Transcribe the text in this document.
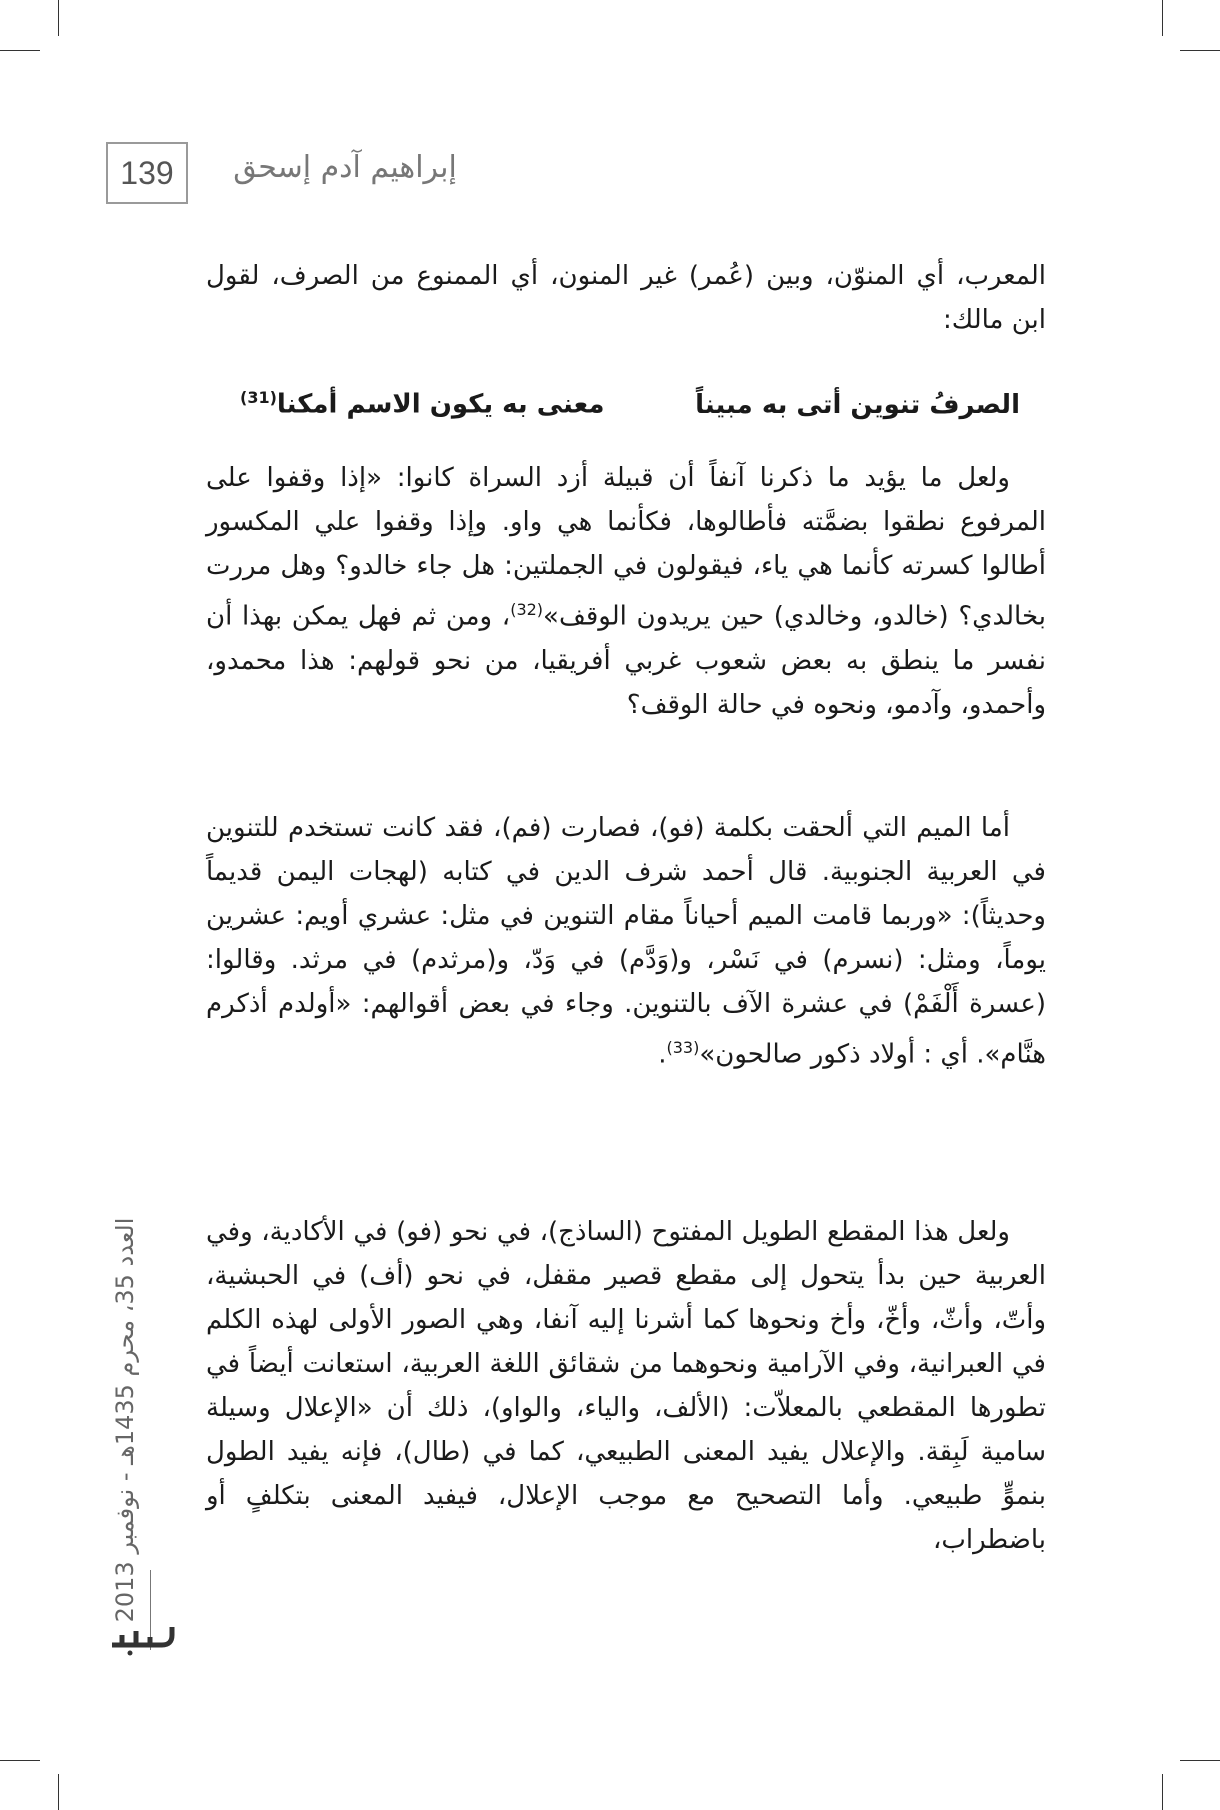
139	إبراهيم آدم إسحق

المعرب، أي المنوّن، وبين (عُمر) غير المنون، أي الممنوع من الصرف، لقول ابن مالك:

الصرفُ تنوين أتى به مبيناً
معنى به يكون الاسم أمكنا$^{(31)}$

ولعل ما يؤيد ما ذكرنا آنفاً أن قبيلة أزد السراة كانوا: «إذا وقفوا على المرفوع نطقوا بضمَّته فأطالوها، فكأنما هي واو. وإذا وقفوا علي المكسور أطالوا كسرته كأنما هي ياء، فيقولون في الجملتين: هل جاء خالدو؟ وهل مررت بخالدي؟ (خالدو، وخالدي) حين يريدون الوقف»$^{(32)}$، ومن ثم فهل يمكن بهذا أن نفسر ما ينطق به بعض شعوب غربي أفريقيا، من نحو قولهم: هذا محمدو، وأحمدو، وآدمو، ونحوه في حالة الوقف؟

أما الميم التي ألحقت بكلمة (فو)، فصارت (فم)، فقد كانت تستخدم للتنوين في العربية الجنوبية. قال أحمد شرف الدين في كتابه (لهجات اليمن قديماً وحديثاً): «وربما قامت الميم أحياناً مقام التنوين في مثل: عشري أويم: عشرين يوماً، ومثل: (نسرم) في نَسْر، و(وَدَّم) في وَدّ، و(مرثدم) في مرثد. وقالوا: (عسرة أَلْفَمْ) في عشرة الآف بالتنوين. وجاء في بعض أقوالهم: «أولدم أذكرم هنَّام». أي : أولاد ذكور صالحون»$^{(33)}$.

ولعل هذا المقطع الطويل المفتوح (الساذج)، في نحو (فو) في الأكادية، وفي العربية حين بدأ يتحول إلى مقطع قصير مقفل، في نحو (أف) في الحبشية، وأتّ، وأثّ، وأخّ، وأخ ونحوها كما أشرنا إليه آنفا، وهي الصور الأولى لهذه الكلم في العبرانية، وفي الآرامية ونحوهما من شقائق اللغة العربية، استعانت أيضاً في تطورها المقطعي بالمعلاّت: (الألف، والياء، والواو)، ذلك أن «الإعلال وسيلة سامية لَبِقة. والإعلال يفيد المعنى الطبيعي، كما في (طال)، فإنه يفيد الطول بنموٍّ طبيعي. وأما التصحيح مع موجب الإعلال، فيفيد المعنى بتكلفٍ أو باضطراب،

العدد 35، محرم 1435هـ - نوفمبر 2013
